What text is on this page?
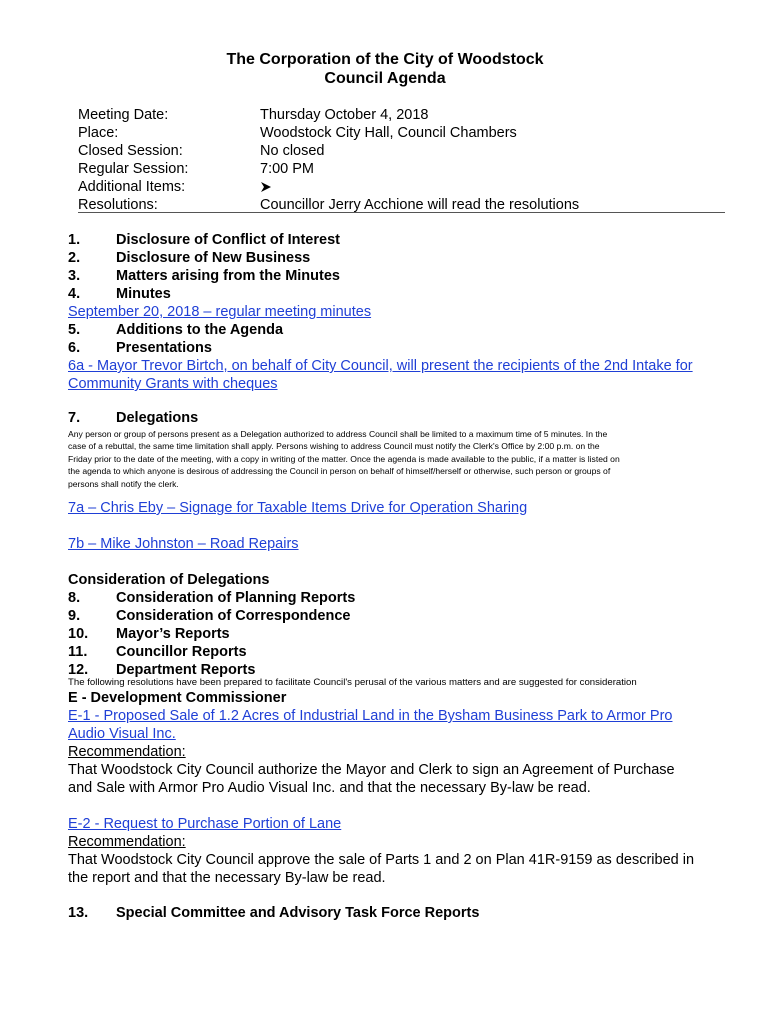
The Corporation of the City of Woodstock
Council Agenda
Meeting Date:	Thursday October 4, 2018
Place:	Woodstock City Hall, Council Chambers
Closed Session:	No closed
Regular Session:	7:00 PM
Additional Items:
Resolutions:	Councillor Jerry Acchione will read the resolutions
1.	Disclosure of Conflict of Interest
2.	Disclosure of New Business
3.	Matters arising from the Minutes
4.	Minutes
September 20, 2018 – regular meeting minutes
5.	Additions to the Agenda
6.	Presentations
6a - Mayor Trevor Birtch, on behalf of City Council, will present the recipients of the 2nd Intake for
Community Grants with cheques
7.	Delegations
Any person or group of persons present as a Delegation authorized to address Council shall be limited to a maximum time of 5 minutes. In the
case of a rebuttal, the same time limitation shall apply. Persons wishing to address Council must notify the Clerk's Office by 2:00 p.m. on the
Friday prior to the date of the meeting, with a copy in writing of the matter. Once the agenda is made available to the public, if a matter is listed on
the agenda to which anyone is desirous of addressing the Council in person on behalf of himself/herself or otherwise, such person or groups of
persons shall notify the clerk.
7a – Chris Eby – Signage for Taxable Items Drive for Operation Sharing
7b – Mike Johnston – Road Repairs
Consideration of Delegations
8.	Consideration of Planning Reports
9.	Consideration of Correspondence
10.	Mayor’s Reports
11.	Councillor Reports
12.	Department Reports
The following resolutions have been prepared to facilitate Council's perusal of the various matters and are suggested for consideration
E - Development Commissioner
E-1 - Proposed Sale of 1.2 Acres of Industrial Land in the Bysham Business Park to Armor Pro
Audio Visual Inc.
Recommendation:
That Woodstock City Council authorize the Mayor and Clerk to sign an Agreement of Purchase
and Sale with Armor Pro Audio Visual Inc. and that the necessary By-law be read.
E-2 - Request to Purchase Portion of Lane
Recommendation:
That Woodstock City Council approve the sale of Parts 1 and 2 on Plan 41R-9159 as described in
the report and that the necessary By-law be read.
13.	Special Committee and Advisory Task Force Reports
